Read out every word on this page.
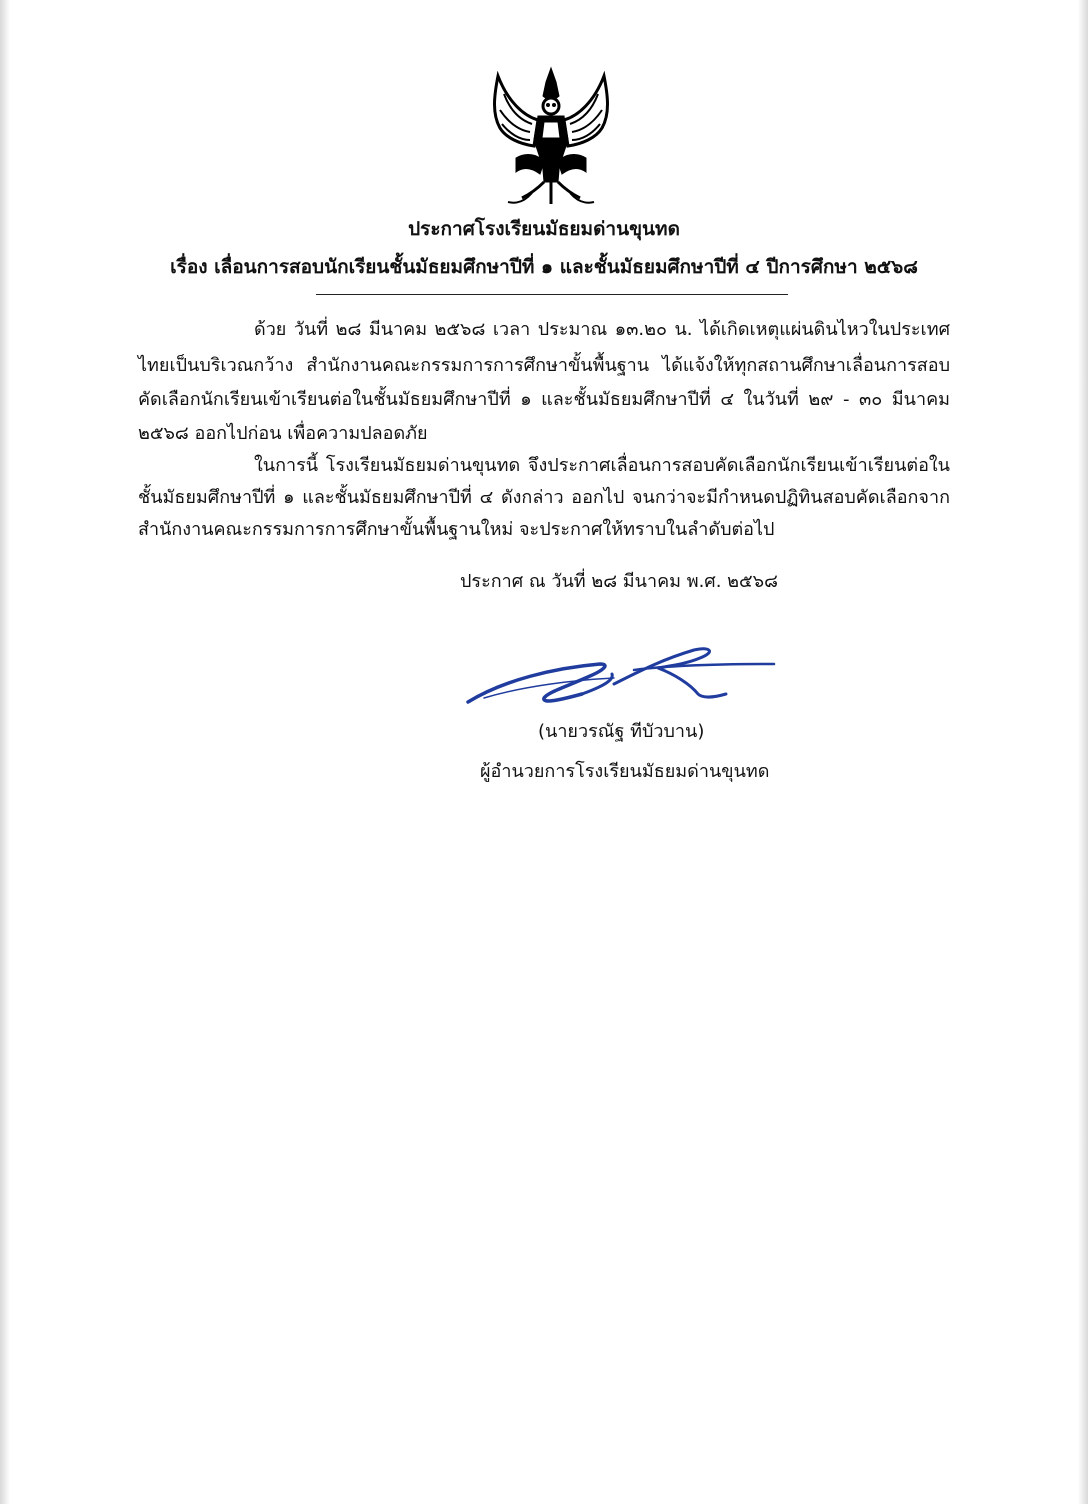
ประกาศโรงเรียนมัธยมด่านขุนทด
เรื่อง เลื่อนการสอบนักเรียนชั้นมัธยมศึกษาปีที่ ๑ และชั้นมัธยมศึกษาปีที่ ๔ ปีการศึกษา ๒๕๖๘
ด้วย วันที่ ๒๘ มีนาคม ๒๕๖๘ เวลา ประมาณ ๑๓.๒๐ น. ได้เกิดเหตุแผ่นดินไหวในประเทศ
ไทยเป็นบริเวณกว้าง สำนักงานคณะกรรมการการศึกษาขั้นพื้นฐาน ได้แจ้งให้ทุกสถานศึกษาเลื่อนการสอบ
คัดเลือกนักเรียนเข้าเรียนต่อในชั้นมัธยมศึกษาปีที่ ๑ และชั้นมัธยมศึกษาปีที่ ๔ ในวันที่ ๒๙ - ๓๐ มีนาคม
๒๕๖๘ ออกไปก่อน เพื่อความปลอดภัย
ในการนี้ โรงเรียนมัธยมด่านขุนทด จึงประกาศเลื่อนการสอบคัดเลือกนักเรียนเข้าเรียนต่อใน
ชั้นมัธยมศึกษาปีที่ ๑ และชั้นมัธยมศึกษาปีที่ ๔ ดังกล่าว ออกไป จนกว่าจะมีกำหนดปฏิทินสอบคัดเลือกจาก
สำนักงานคณะกรรมการการศึกษาขั้นพื้นฐานใหม่ จะประกาศให้ทราบในลำดับต่อไป
ประกาศ ณ วันที่ ๒๘ มีนาคม พ.ศ. ๒๕๖๘
(นายวรณัฐ ทีบัวบาน)
ผู้อำนวยการโรงเรียนมัธยมด่านขุนทด
